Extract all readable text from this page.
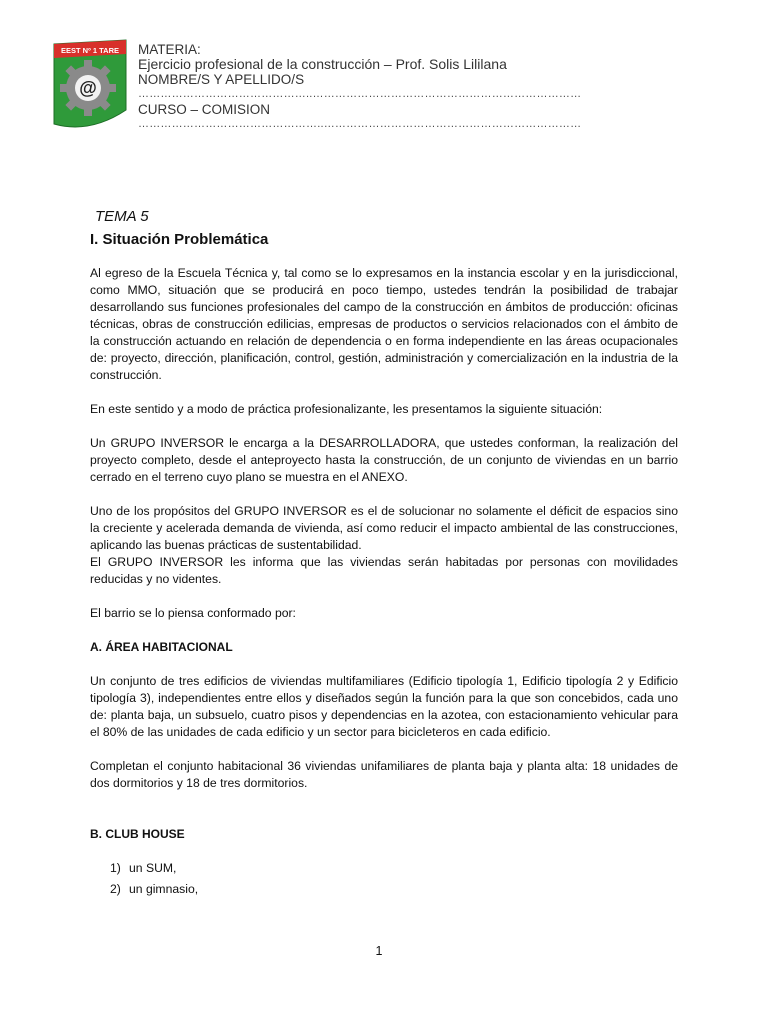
EEST Nº 1 TARE
@
MATERIA:
Ejercicio profesional de la construcción – Prof. Solis Lililana
NOMBRE/S Y APELLIDO/S
………………………………………..………………………………………………………………
CURSO – COMISION
…………………………………………..……………………………………………………………
TEMA 5
I. Situación Problemática

Al egreso de la Escuela Técnica y, tal como se lo expresamos en la instancia escolar y en la jurisdiccional, como MMO, situación que se producirá en poco tiempo, ustedes tendrán la posibilidad de trabajar desarrollando sus funciones profesionales del campo de la construcción en ámbitos de producción: oficinas técnicas, obras de construcción edilicias, empresas de productos o servicios relacionados con el ámbito de la construcción actuando en relación de dependencia o en forma independiente en las áreas ocupacionales de: proyecto, dirección, planificación, control, gestión, administración y comercialización en la industria de la construcción.

En este sentido y a modo de práctica profesionalizante, les presentamos la siguiente situación:

Un GRUPO INVERSOR le encarga a la DESARROLLADORA, que ustedes conforman, la realización del proyecto completo, desde el anteproyecto hasta la construcción, de un conjunto de viviendas en un barrio cerrado en el terreno cuyo plano se muestra en el ANEXO.

Uno de los propósitos del GRUPO INVERSOR es el de solucionar no solamente el déficit de espacios sino la creciente y acelerada demanda de vivienda, así como reducir el impacto ambiental de las construcciones, aplicando las buenas prácticas de sustentabilidad.

El GRUPO INVERSOR les informa que las viviendas serán habitadas por personas con movilidades reducidas y no videntes.

El barrio se lo piensa conformado por:

A. ÁREA HABITACIONAL

Un conjunto de tres edificios de viviendas multifamiliares (Edificio tipología 1, Edificio tipología 2 y Edificio tipología 3), independientes entre ellos y diseñados según la función para la que son concebidos, cada uno de: planta baja, un subsuelo, cuatro pisos y dependencias en la azotea, con estacionamiento vehicular para el 80% de las unidades de cada edificio y un sector para bicicleteros en cada edificio.

Completan el conjunto habitacional 36 viviendas unifamiliares de planta baja y planta alta: 18 unidades de dos dormitorios y 18 de tres dormitorios.

B. CLUB HOUSE
1) un SUM,
2) un gimnasio,
1
